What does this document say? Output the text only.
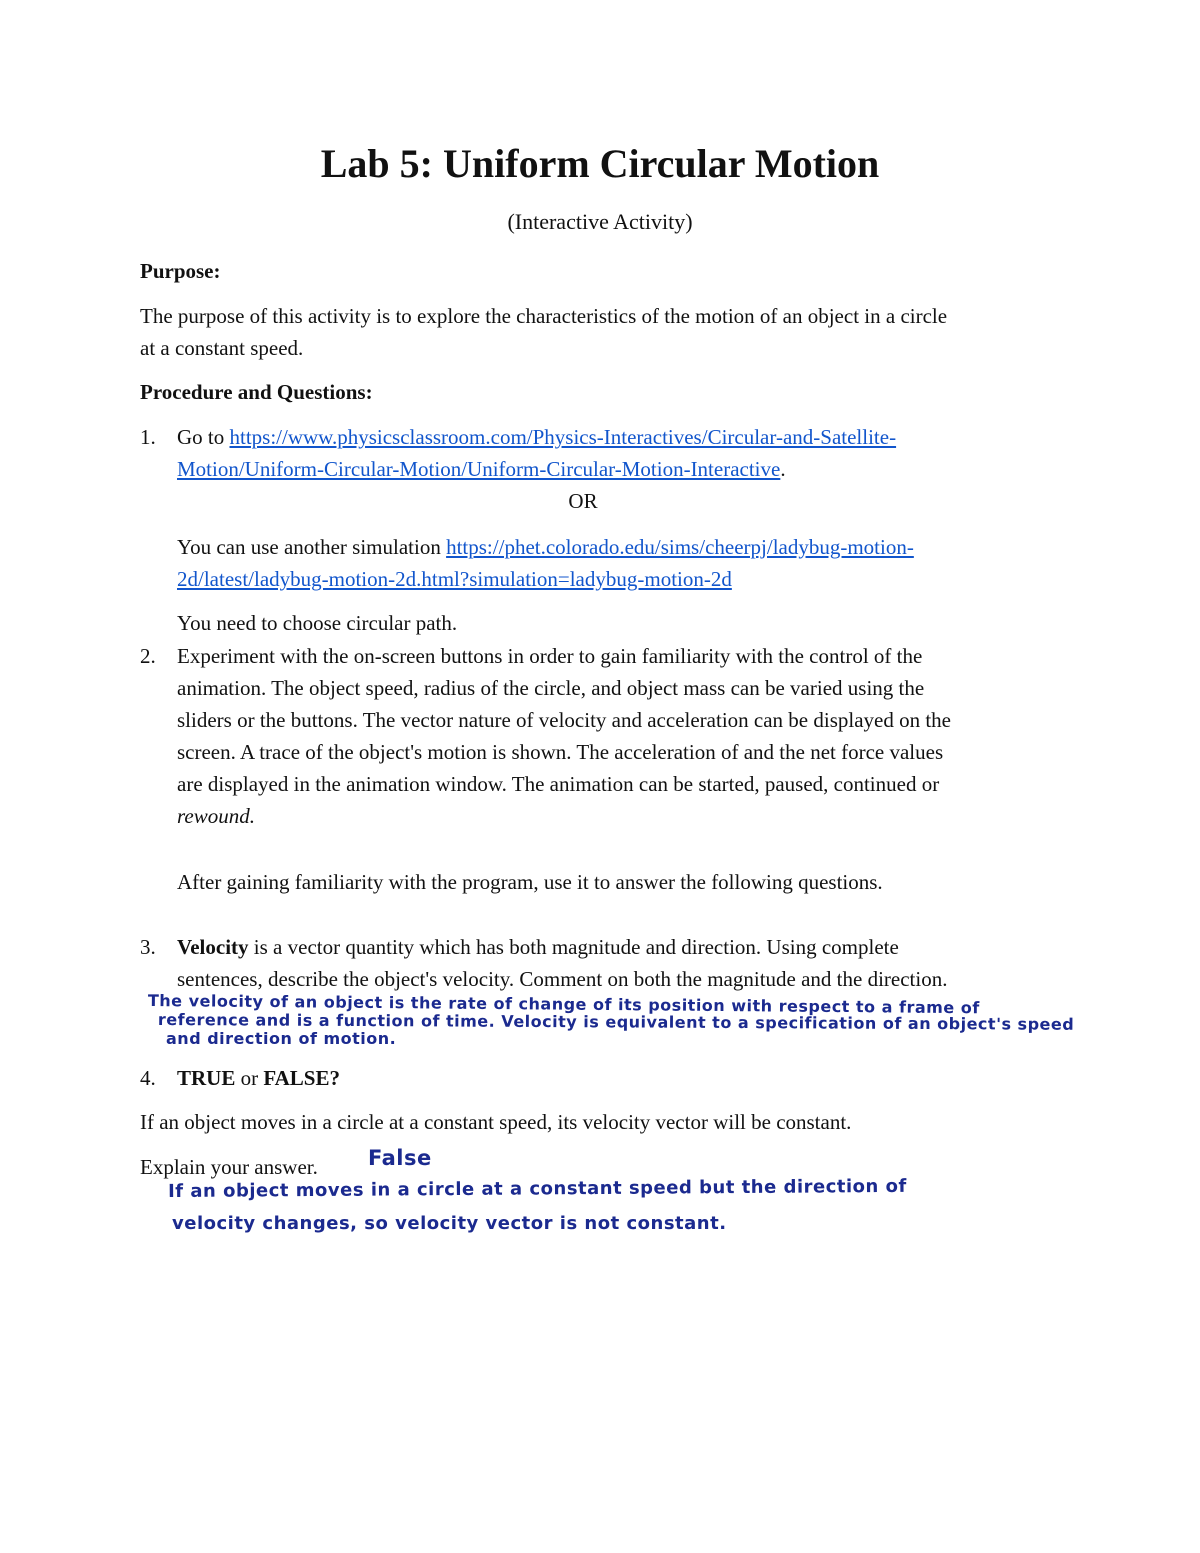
Lab 5: Uniform Circular Motion
(Interactive Activity)
Purpose:
The purpose of this activity is to explore the characteristics of the motion of an object in a circle
at a constant speed.
Procedure and Questions:
1. Go to https://www.physicsclassroom.com/Physics-Interactives/Circular-and-Satellite-
Motion/Uniform-Circular-Motion/Uniform-Circular-Motion-Interactive.
OR
You can use another simulation https://phet.colorado.edu/sims/cheerpj/ladybug-motion-
2d/latest/ladybug-motion-2d.html?simulation=ladybug-motion-2d
You need to choose circular path.
2. Experiment with the on-screen buttons in order to gain familiarity with the control of the
animation. The object speed, radius of the circle, and object mass can be varied using the
sliders or the buttons. The vector nature of velocity and acceleration can be displayed on the
screen. A trace of the object's motion is shown. The acceleration of and the net force values
are displayed in the animation window. The animation can be started, paused, continued or
rewound.
After gaining familiarity with the program, use it to answer the following questions.
3. Velocity is a vector quantity which has both magnitude and direction. Using complete
sentences, describe the object's velocity. Comment on both the magnitude and the direction.
The velocity of an object is the rate of change of its position with respect to a frame of
reference and is a function of time. Velocity is equivalent to a specification of an object's speed
and direction of motion.
4. TRUE or FALSE?
If an object moves in a circle at a constant speed, its velocity vector will be constant.
Explain your answer. False
If an object moves in a circle at a constant speed but the direction of
velocity changes, so velocity vector is not constant.
